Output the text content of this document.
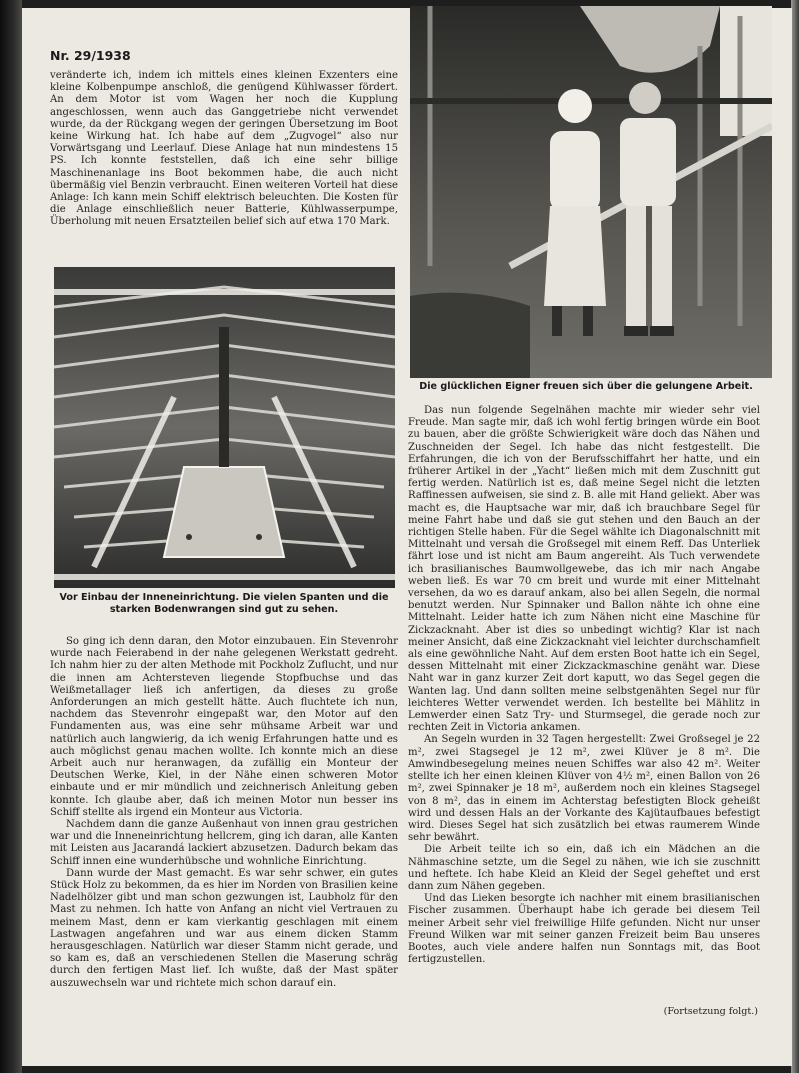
Nr. 29/1938

veränderte ich, indem ich mittels eines kleinen Exzenters eine kleine Kolbenpumpe anschloß, die genügend Kühlwasser fördert. An dem Motor ist vom Wagen her noch die Kupplung angeschlossen, wenn auch das Ganggetriebe nicht verwendet wurde, da der Rückgang wegen der geringen Übersetzung im Boot keine Wirkung hat. Ich habe auf dem „Zugvogel“ also nur Vorwärtsgang und Leerlauf. Diese Anlage hat nun mindestens 15 PS. Ich konnte feststellen, daß ich eine sehr billige Maschinenanlage ins Boot bekommen habe, die auch nicht übermäßig viel Benzin verbraucht. Einen weiteren Vorteil hat diese Anlage: Ich kann mein Schiff elektrisch beleuchten. Die Kosten für die Anlage einschließlich neuer Batterie, Kühlwasserpumpe, Überholung mit neuen Ersatzteilen belief sich auf etwa 170 Mark.

Vor Einbau der Inneneinrichtung. Die vielen Spanten und die starken Bodenwrangen sind gut zu sehen.

So ging ich denn daran, den Motor einzubauen. Ein Stevenrohr wurde nach Feierabend in der nahe gelegenen Werkstatt gedreht. Ich nahm hier zu der alten Methode mit Pockholz Zuflucht, und nur die innen am Achtersteven liegende Stopfbuchse und das Weißmetallager ließ ich anfertigen, da dieses zu große Anforderungen an mich gestellt hätte. Auch fluchtete ich nun, nachdem das Stevenrohr eingepaßt war, den Motor auf den Fundamenten aus, was eine sehr mühsame Arbeit war und natürlich auch langwierig, da ich wenig Erfahrungen hatte und es auch möglichst genau machen wollte. Ich konnte mich an diese Arbeit auch nur heranwagen, da zufällig ein Monteur der Deutschen Werke, Kiel, in der Nähe einen schweren Motor einbaute und er mir mündlich und zeichnerisch Anleitung geben konnte. Ich glaube aber, daß ich meinen Motor nun besser ins Schiff stellte als irgend ein Monteur aus Victoria.

Nachdem dann die ganze Außenhaut von innen grau gestrichen war und die Inneneinrichtung hellcrem, ging ich daran, alle Kanten mit Leisten aus Jacarandá lackiert abzusetzen. Dadurch bekam das Schiff innen eine wunderhübsche und wohnliche Einrichtung.

Dann wurde der Mast gemacht. Es war sehr schwer, ein gutes Stück Holz zu bekommen, da es hier im Norden von Brasilien keine Nadelhölzer gibt und man schon gezwungen ist, Laubholz für den Mast zu nehmen. Ich hatte von Anfang an nicht viel Vertrauen zu meinem Mast, denn er kam vierkantig geschlagen mit einem Lastwagen angefahren und war aus einem dicken Stamm herausgeschlagen. Natürlich war dieser Stamm nicht gerade, und so kam es, daß an verschiedenen Stellen die Maserung schräg durch den fertigen Mast lief. Ich wußte, daß der Mast später auszuwechseln war und richtete mich schon darauf ein.

Die glücklichen Eigner freuen sich über die gelungene Arbeit.

Das nun folgende Segelnähen machte mir wieder sehr viel Freude. Man sagte mir, daß ich wohl fertig bringen würde ein Boot zu bauen, aber die größte Schwierigkeit wäre doch das Nähen und Zuschneiden der Segel. Ich habe das nicht festgestellt. Die Erfahrungen, die ich von der Berufsschiffahrt her hatte, und ein früherer Artikel in der „Yacht“ ließen mich mit dem Zuschnitt gut fertig werden. Natürlich ist es, daß meine Segel nicht die letzten Raffinessen aufweisen, sie sind z. B. alle mit Hand geliekt. Aber was macht es, die Hauptsache war mir, daß ich brauchbare Segel für meine Fahrt habe und daß sie gut stehen und den Bauch an der richtigen Stelle haben. Für die Segel wählte ich Diagonalschnitt mit Mittelnaht und versah die Großsegel mit einem Reff. Das Unterliek fährt lose und ist nicht am Baum angereiht. Als Tuch verwendete ich brasilianisches Baumwollgewebe, das ich mir nach Angabe weben ließ. Es war 70 cm breit und wurde mit einer Mittelnaht versehen, da wo es darauf ankam, also bei allen Segeln, die normal benutzt werden. Nur Spinnaker und Ballon nähte ich ohne eine Mittelnaht. Leider hatte ich zum Nähen nicht eine Maschine für Zickzacknaht. Aber ist dies so unbedingt wichtig? Klar ist nach meiner Ansicht, daß eine Zickzacknaht viel leichter durchschamfielt als eine gewöhnliche Naht. Auf dem ersten Boot hatte ich ein Segel, dessen Mittelnaht mit einer Zickzackmaschine genäht war. Diese Naht war in ganz kurzer Zeit dort kaputt, wo das Segel gegen die Wanten lag. Und dann sollten meine selbstgenähten Segel nur für leichteres Wetter verwendet werden. Ich bestellte bei Mählitz in Lemwerder einen Satz Try- und Sturmsegel, die gerade noch zur rechten Zeit in Victoria ankamen.

An Segeln wurden in 32 Tagen hergestellt: Zwei Großsegel je 22 m², zwei Stagsegel je 12 m², zwei Klüver je 8 m². Die Amwindbesegelung meines neuen Schiffes war also 42 m². Weiter stellte ich her einen kleinen Klüver von 4½ m², einen Ballon von 26 m², zwei Spinnaker je 18 m², außerdem noch ein kleines Stagsegel von 8 m², das in einem im Achterstag befestigten Block geheißt wird und dessen Hals an der Vorkante des Kajütaufbaues befestigt wird. Dieses Segel hat sich zusätzlich bei etwas raumerem Winde sehr bewährt.

Die Arbeit teilte ich so ein, daß ich ein Mädchen an die Nähmaschine setzte, um die Segel zu nähen, wie ich sie zuschnitt und heftete. Ich habe Kleid an Kleid der Segel geheftet und erst dann zum Nähen gegeben.

Und das Lieken besorgte ich nachher mit einem brasilianischen Fischer zusammen. Überhaupt habe ich gerade bei diesem Teil meiner Arbeit sehr viel freiwillige Hilfe gefunden. Nicht nur unser Freund Wilken war mit seiner ganzen Freizeit beim Bau unseres Bootes, auch viele andere halfen nun Sonntags mit, das Boot fertigzustellen.

(Fortsetzung folgt.)
